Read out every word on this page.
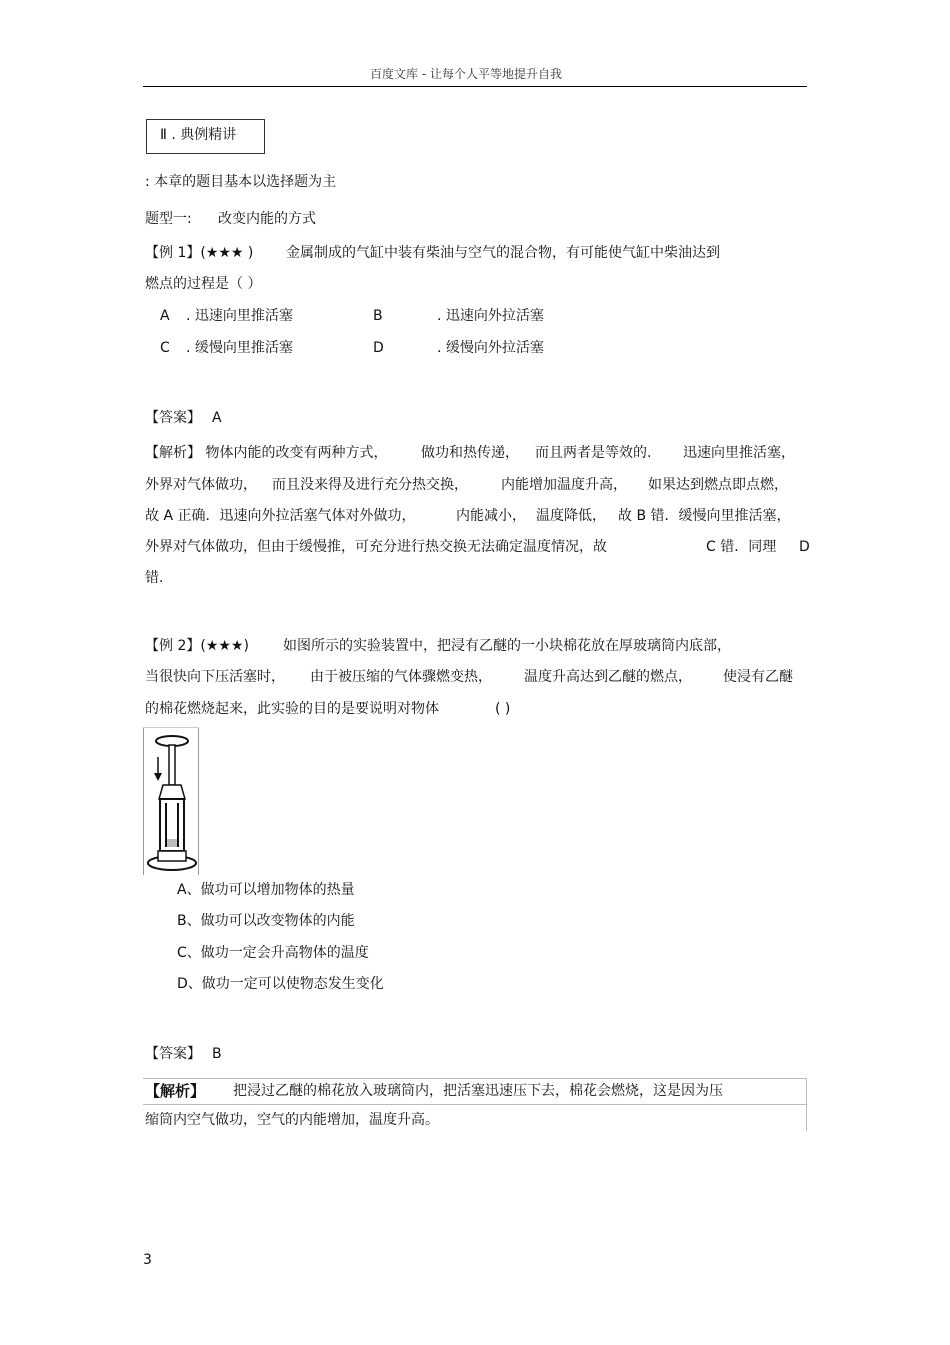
百度文库 - 让每个人平等地提升自我
Ⅱ . 典例精讲
: 本章的题目基本以选择题为主
题型一: 改变内能的方式
【例 1】(★★★ ) 金属制成的气缸中装有柴油与空气的混合物，有可能使气缸中柴油达到
燃点的过程是（ ）
A . 迅速向里推活塞	B	. 迅速向外拉活塞
C . 缓慢向里推活塞	D	. 缓慢向外拉活塞
【答案】 A
【解析】 物体内能的改变有两种方式， 做功和热传递， 而且两者是等效的. 迅速向里推活塞，
外界对气体做功， 而且没来得及进行充分热交换， 内能增加温度升高， 如果达到燃点即点燃，
故 A 正确．迅速向外拉活塞气体对外做功，	内能减小， 温度降低， 故 B 错．缓慢向里推活塞，
外界对气体做功，但由于缓慢推，可充分进行热交换无法确定温度情况，故	C 错．同理 D
错.
【例 2】(★★★) 如图所示的实验装置中，把浸有乙醚的一小块棉花放在厚玻璃筒内底部，
当很快向下压活塞时， 由于被压缩的气体骤燃变热， 温度升高达到乙醚的燃点， 使浸有乙醚
的棉花燃烧起来，此实验的目的是要说明对物体	( )
A、做功可以增加物体的热量
B、做功可以改变物体的内能
C、做功一定会升高物体的温度
D、做功一定可以使物态发生变化
【答案】 B
【解析】 把浸过乙醚的棉花放入玻璃筒内，把活塞迅速压下去，棉花会燃烧，这是因为压
缩筒内空气做功，空气的内能增加，温度升高。
3
